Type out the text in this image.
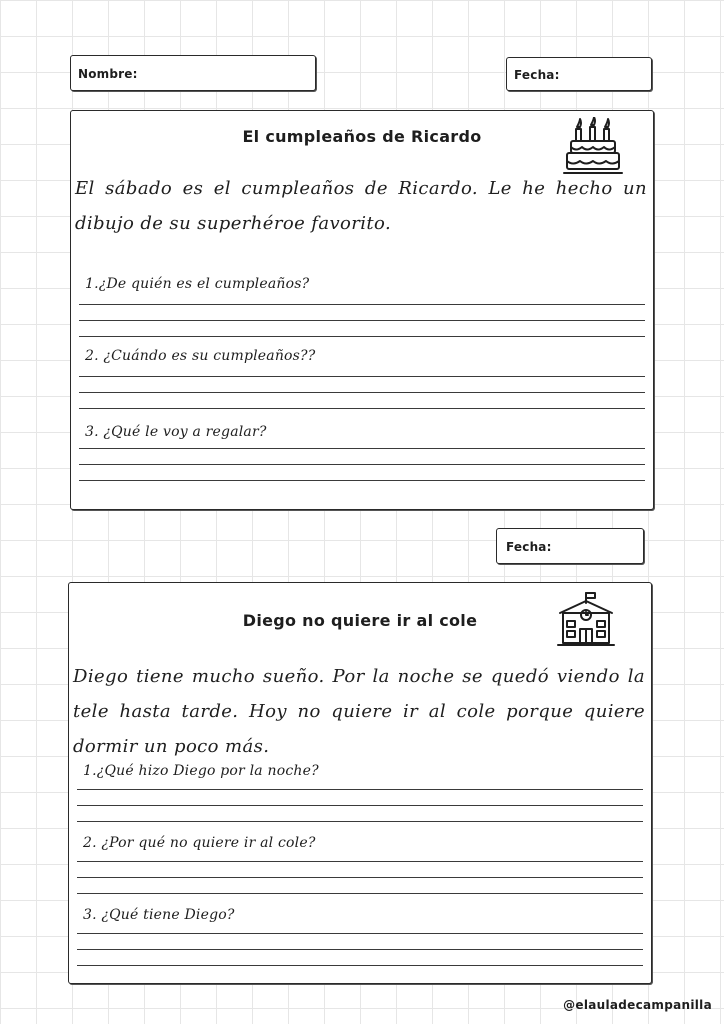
Nombre:	Fecha:
El cumpleaños de Ricardo
El sábado es el cumpleaños de Ricardo. Le he hecho un dibujo de su superhéroe favorito.
1.¿De quién es el cumpleaños?
2. ¿Cuándo es su cumpleaños??
3. ¿Qué le voy a regalar?
Fecha:
Diego no quiere ir al cole
Diego tiene mucho sueño. Por la noche se quedó viendo la tele hasta tarde. Hoy no quiere ir al cole porque quiere dormir un poco más.
1.¿Qué hizo Diego por la noche?
2. ¿Por qué no quiere ir al cole?
3. ¿Qué tiene Diego?
@elauladecampanilla
